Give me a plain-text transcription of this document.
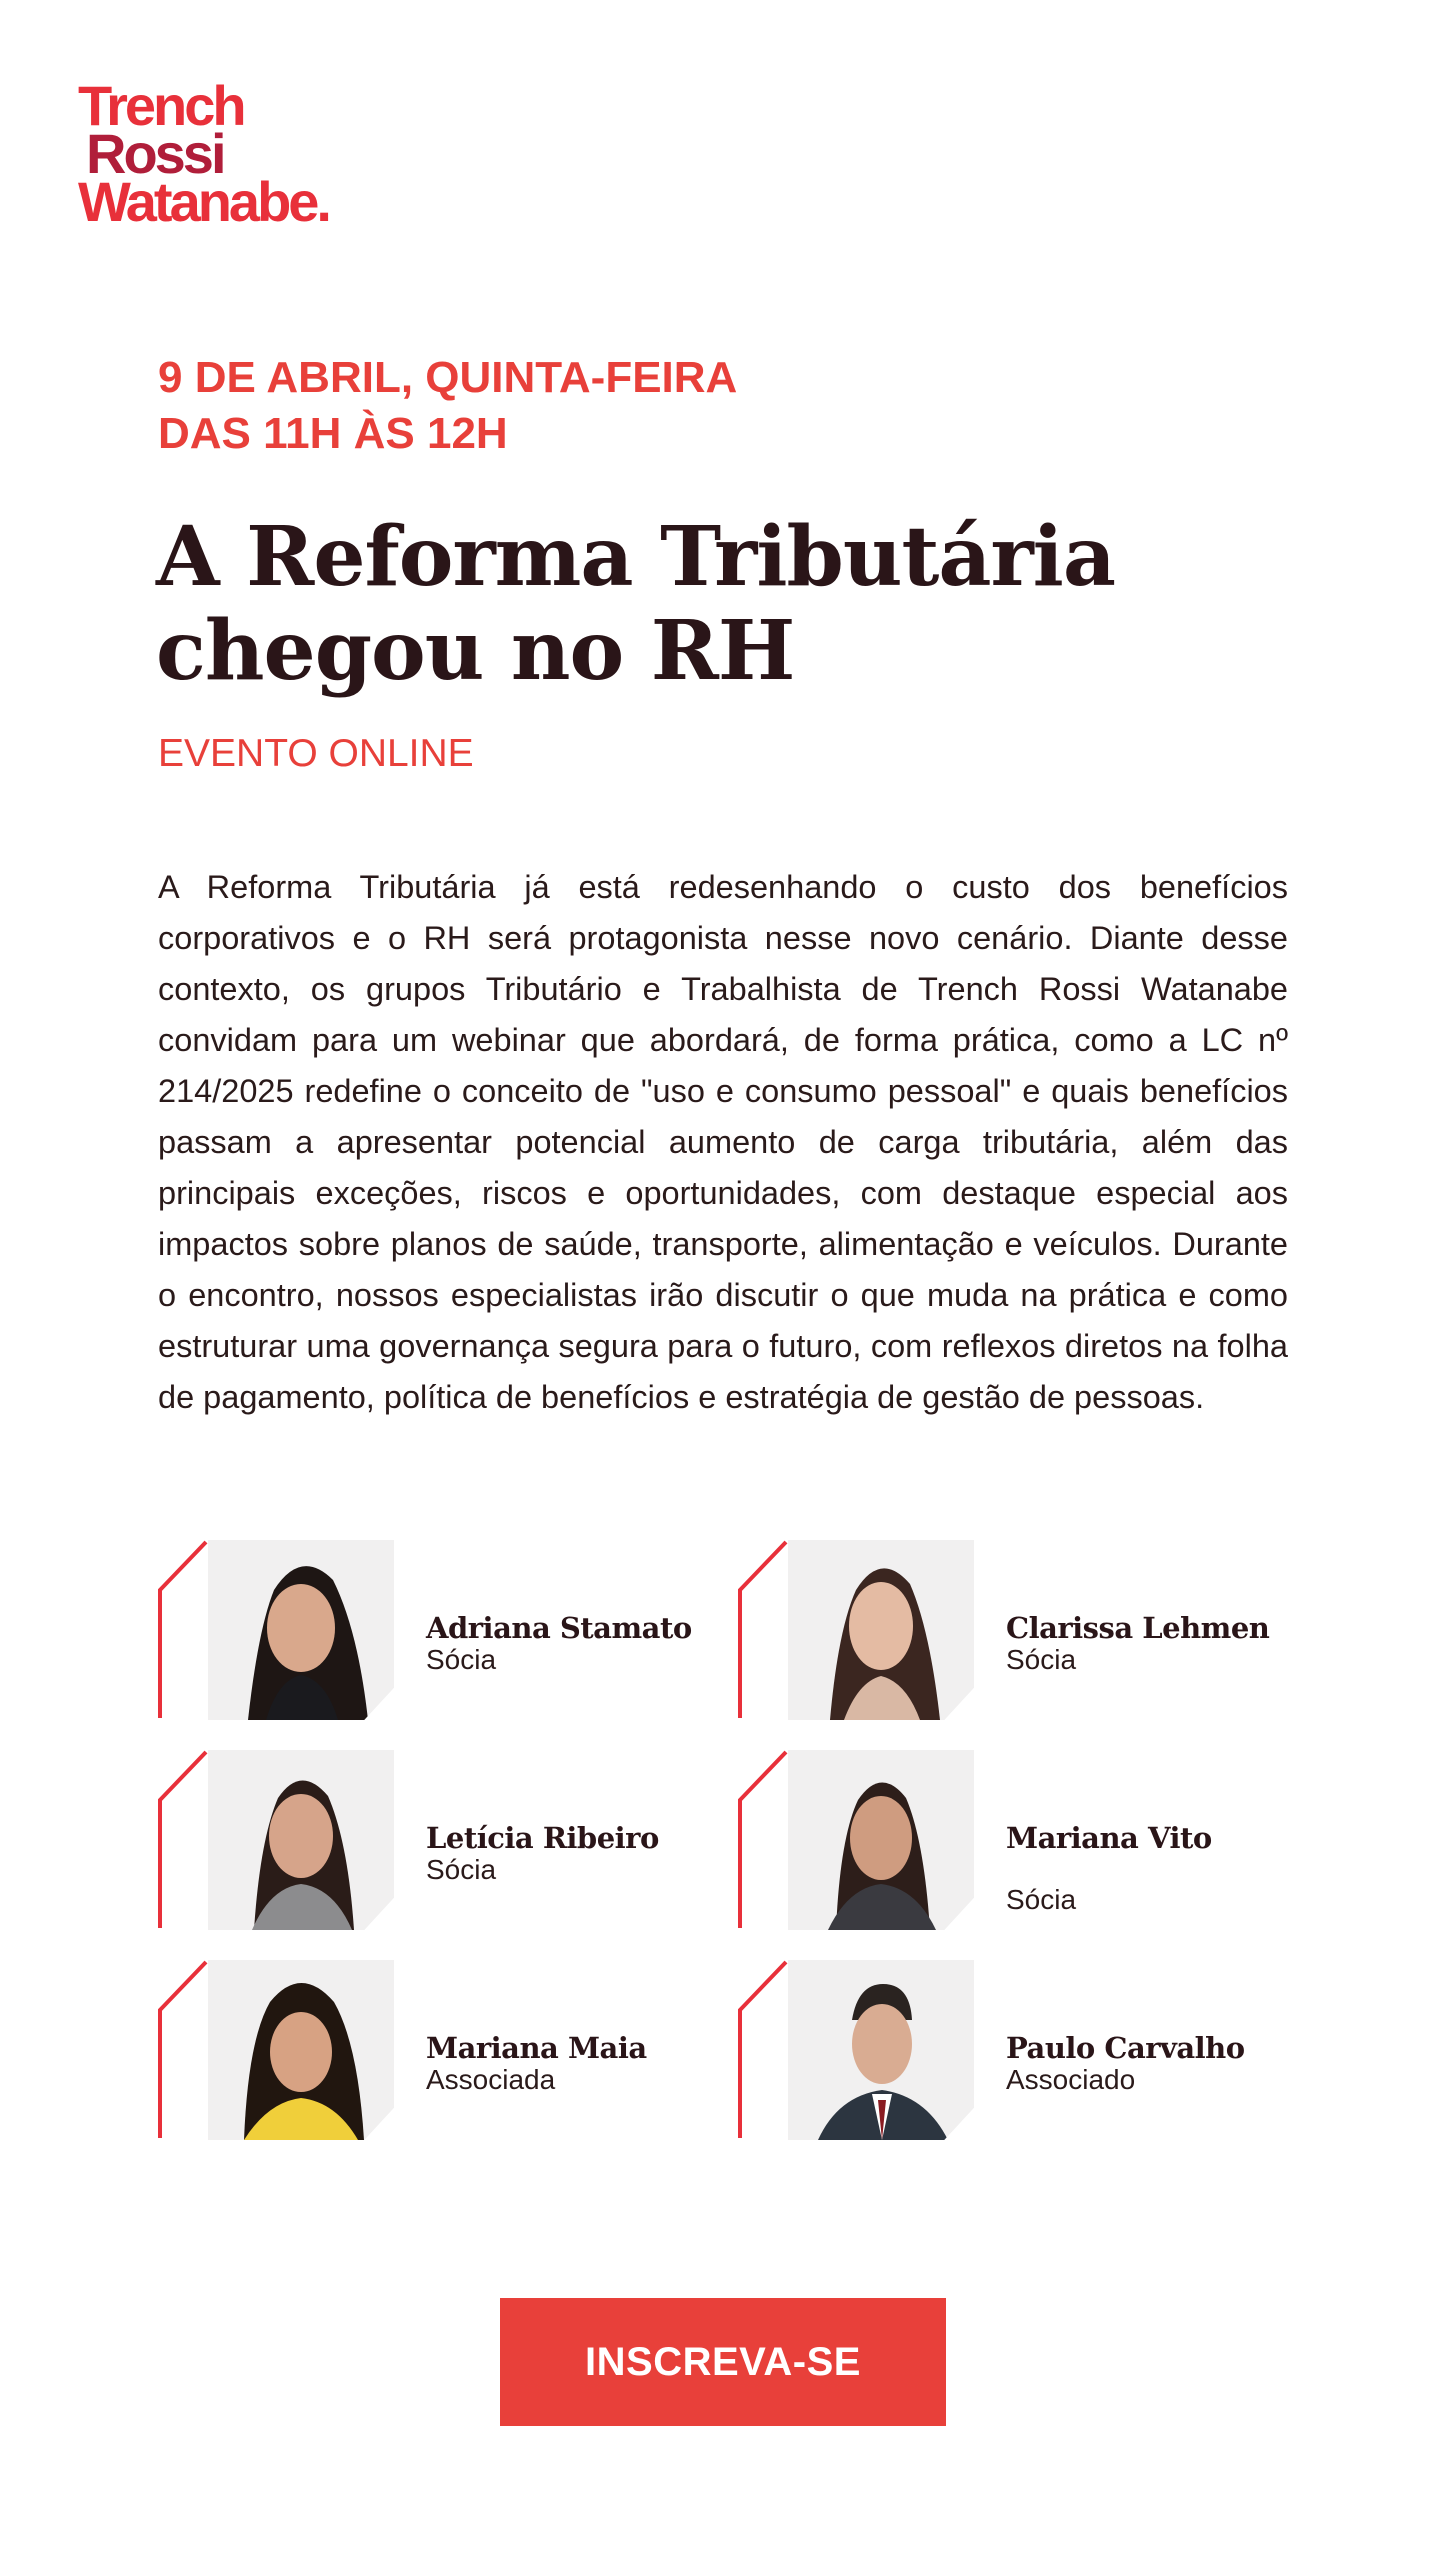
Trench
Rossi
Watanabe.
9 DE ABRIL, QUINTA-FEIRA
DAS 11H ÀS 12H
A Reforma Tributária
chegou no RH
EVENTO ONLINE
A Reforma Tributária já está redesenhando o custo dos benefícios corporativos e o RH será protagonista nesse novo cenário. Diante desse contexto, os grupos Tributário e Trabalhista de Trench Rossi Watanabe convidam para um webinar que abordará, de forma prática, como a LC nº 214/2025 redefine o conceito de "uso e consumo pessoal" e quais benefícios passam a apresentar potencial aumento de carga tributária, além das principais exceções, riscos e oportunidades, com destaque especial aos impactos sobre planos de saúde, transporte, alimentação e veículos. Durante o encontro, nossos especialistas irão discutir o que muda na prática e como estruturar uma governança segura para o futuro, com reflexos diretos na folha de pagamento, política de benefícios e estratégia de gestão de pessoas.
Adriana Stamato
Sócia
Clarissa Lehmen
Sócia
Letícia Ribeiro
Sócia
Mariana Vito
Sócia
Mariana Maia
Associada
Paulo Carvalho
Associado
INSCREVA-SE
